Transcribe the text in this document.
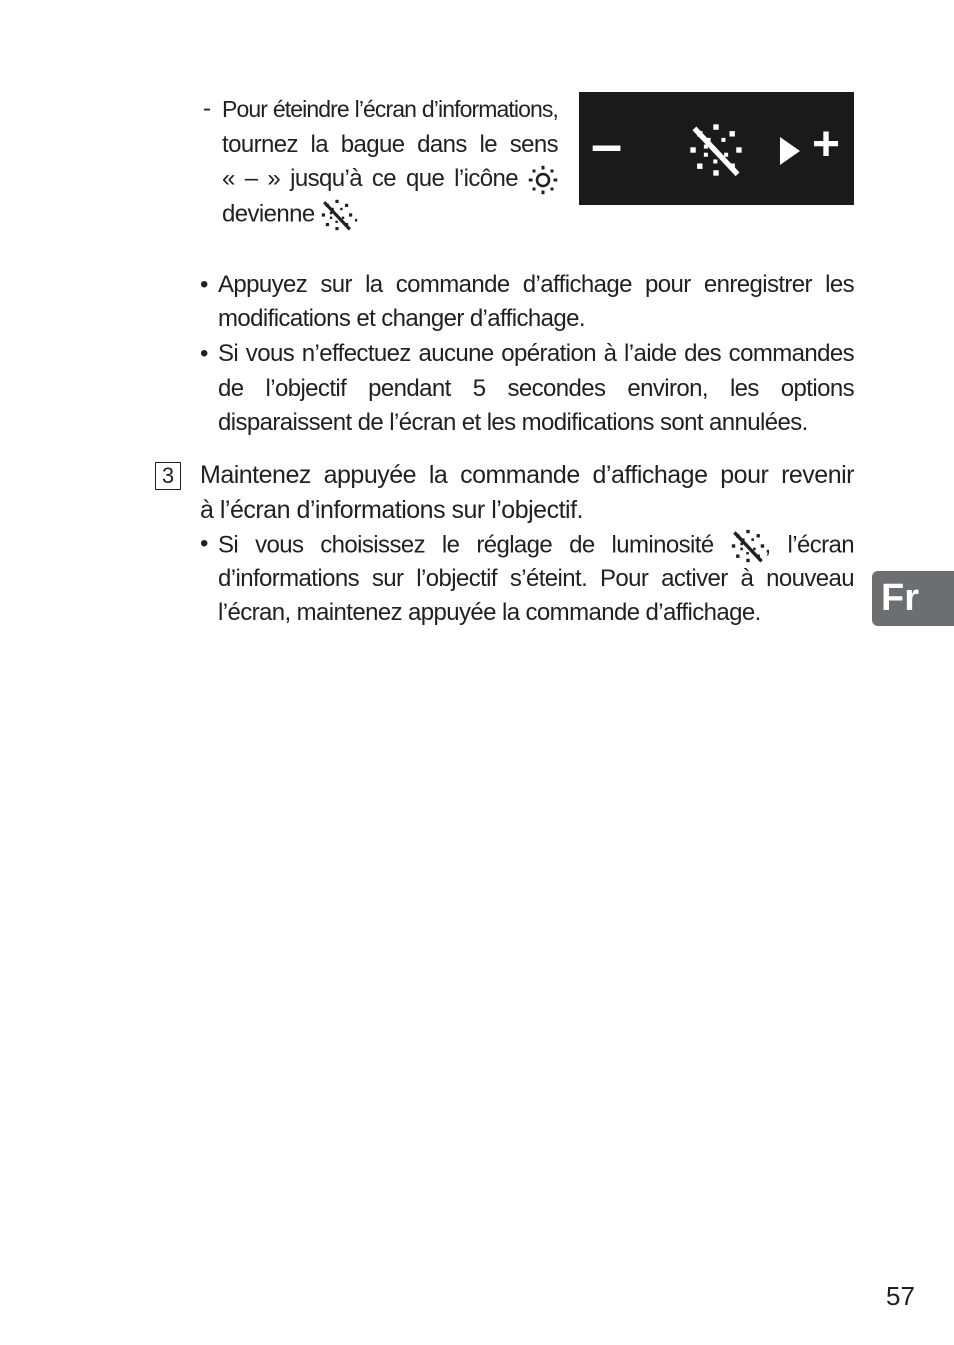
- Pour éteindre l’écran d’informations,
tournez la bague dans le sens
« – » jusqu’à ce que l’icône
devienne .
–	+
• Appuyez sur la commande d’affichage pour enregistrer les
modifications et changer d’affichage.
• Si vous n’effectuez aucune opération à l’aide des commandes
de l’objectif pendant 5 secondes environ, les options
disparaissent de l’écran et les modifications sont annulées.
3 Maintenez appuyée la commande d’affichage pour revenir
à l’écran d’informations sur l’objectif.
• Si vous choisissez le réglage de luminosité , l’écran
d’informations sur l’objectif s’éteint. Pour activer à nouveau
l’écran, maintenez appuyée la commande d’affichage.	Fr
57
